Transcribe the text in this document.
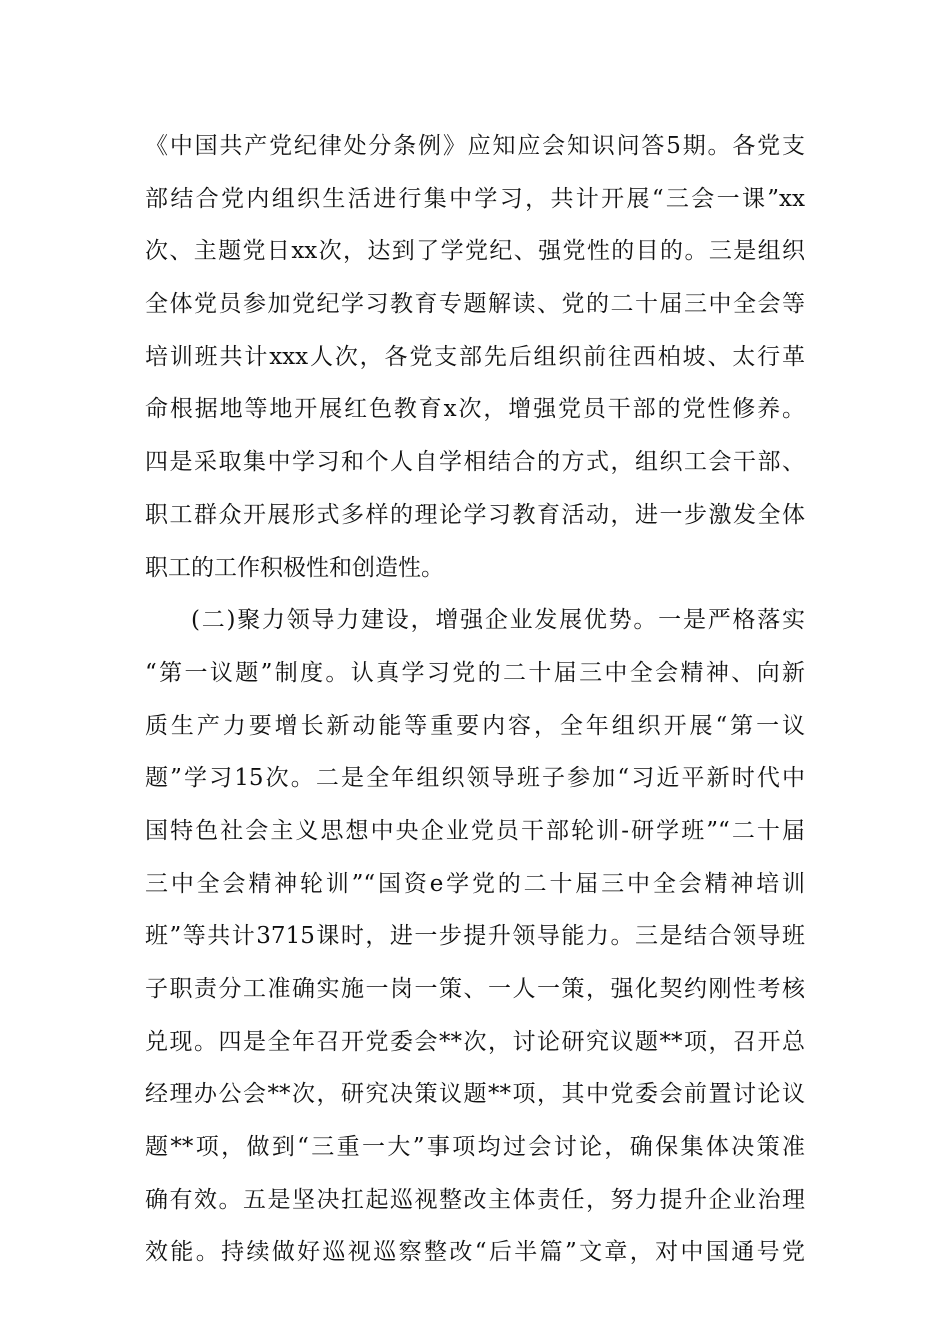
《中国共产党纪律处分条例》应知应会知识问答5期。各党支
部结合党内组织生活进行集中学习，共计开展“三会一课”xx
次、主题党日xx次，达到了学党纪、强党性的目的。三是组织
全体党员参加党纪学习教育专题解读、党的二十届三中全会等
培训班共计xxx人次，各党支部先后组织前往西柏坡、太行革
命根据地等地开展红色教育x次，增强党员干部的党性修养。
四是采取集中学习和个人自学相结合的方式，组织工会干部、
职工群众开展形式多样的理论学习教育活动，进一步激发全体
职工的工作积极性和创造性。
(二)聚力领导力建设，增强企业发展优势。一是严格落实
“第一议题”制度。认真学习党的二十届三中全会精神、向新
质生产力要增长新动能等重要内容，全年组织开展“第一议
题”学习15次。二是全年组织领导班子参加“习近平新时代中
国特色社会主义思想中央企业党员干部轮训-研学班”“二十届
三中全会精神轮训”“国资e学党的二十届三中全会精神培训
班”等共计3715课时，进一步提升领导能力。三是结合领导班
子职责分工准确实施一岗一策、一人一策，强化契约刚性考核
兑现。四是全年召开党委会**次，讨论研究议题**项，召开总
经理办公会**次，研究决策议题**项，其中党委会前置讨论议
题**项，做到“三重一大”事项均过会讨论，确保集体决策准
确有效。五是坚决扛起巡视整改主体责任，努力提升企业治理
效能。持续做好巡视巡察整改“后半篇”文章，对中国通号党
